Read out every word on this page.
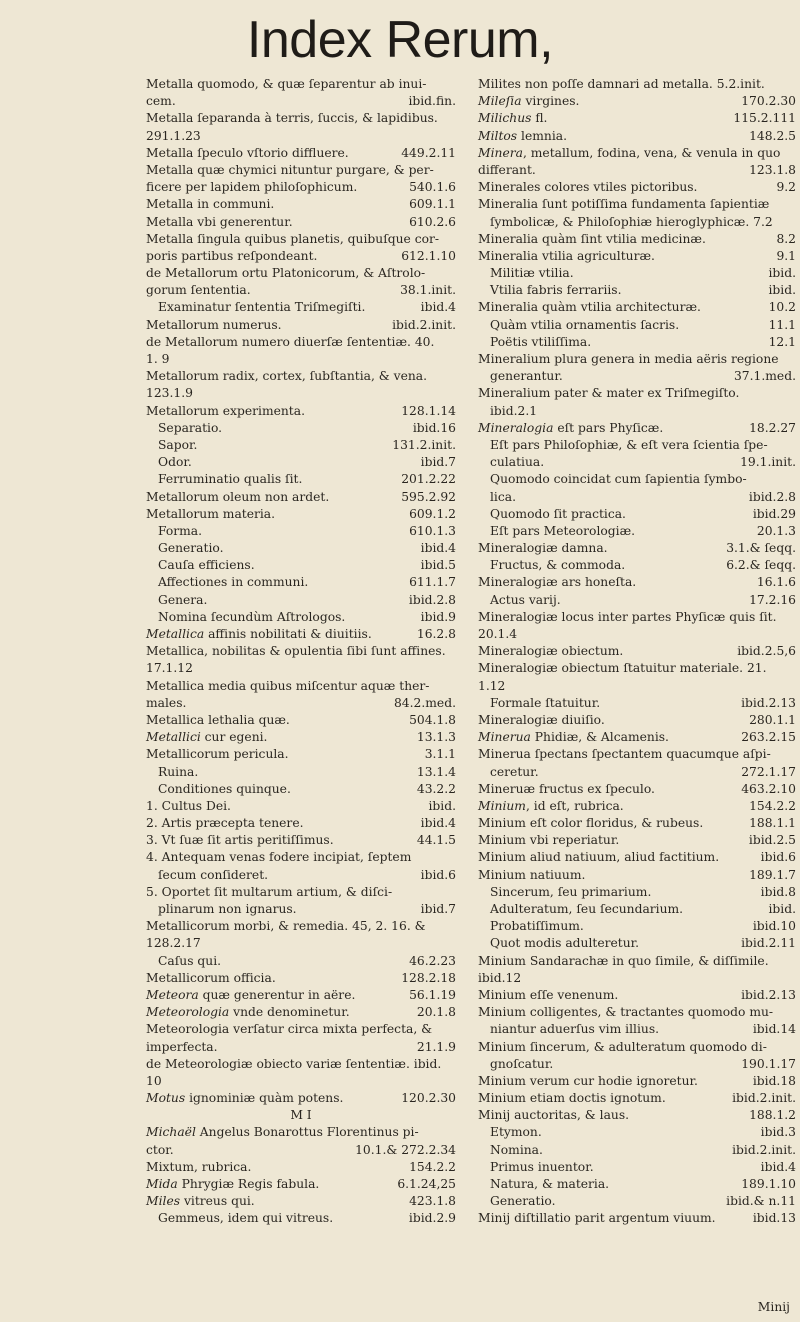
Index Rerum,
Metalla quomodo, & quæ ſeparentur ab inui-
cem.	ibid.fin.
Metalla ſeparanda à terris, ſuccis, & lapidibus.
291.1.23
Metalla ſpeculo vſtorio diffluere.	449.2.11
Metalla quæ chymici nituntur purgare, & per-
ficere per lapidem philoſophicum.	540.1.6
Metalla in communi.	609.1.1
Metalla vbi generentur.	610.2.6
Metalla ſingula quibus planetis, quibuſque cor-
poris partibus reſpondeant.	612.1.10
de Metallorum ortu Platonicorum, & Aſtrolo-
gorum ſententia.	38.1.init.
Examinatur ſententia Triſmegiſti.	ibid.4
Metallorum numerus.	ibid.2.init.
de Metallorum numero diuerſæ ſententiæ. 40.
1. 9
Metallorum radix, cortex, ſubſtantia, & vena.
123.1.9
Metallorum experimenta.	128.1.14
Separatio.	ibid.16
Sapor.	131.2.init.
Odor.	ibid.7
Ferruminatio qualis ſit.	201.2.22
Metallorum oleum non ardet.	595.2.92
Metallorum materia.	609.1.2
Forma.	610.1.3
Generatio.	ibid.4
Cauſa efficiens.	ibid.5
Affectiones in communi.	611.1.7
Genera.	ibid.2.8
Nomina ſecundùm Aſtrologos.	ibid.9
Metallica affinis nobilitati & diuitiis.	16.2.8
Metallica, nobilitas & opulentia ſibi ſunt affines.
17.1.12
Metallica media quibus miſcentur aquæ ther-
males.	84.2.med.
Metallica lethalia quæ.	504.1.8
Metallici cur egeni.	13.1.3
Metallicorum pericula.	3.1.1
Ruina.	13.1.4
Conditiones quinque.	43.2.2
1. Cultus Dei.	ibid.
2. Artis præcepta tenere.	ibid.4
3. Vt ſuæ ſit artis peritiſſimus.	44.1.5
4. Antequam venas fodere incipiat, ſeptem
ſecum conſideret.	ibid.6
5. Oportet ſit multarum artium, & diſci-
plinarum non ignarus.	ibid.7
Metallicorum morbi, & remedia. 45, 2. 16. &
128.2.17
Caſus qui.	46.2.23
Metallicorum officia.	128.2.18
Meteora quæ generentur in aëre.	56.1.19
Meteorologia vnde denominetur.	20.1.8
Meteorologia verſatur circa mixta perfecta, &
imperfecta.	21.1.9
de Meteorologiæ obiecto variæ ſententiæ. ibid.
10
Motus ignominiæ quàm potens.	120.2.30
M I
Michaël Angelus Bonarottus Florentinus pi-
ctor.	10.1.& 272.2.34
Mixtum, rubrica.	154.2.2
Mida Phrygiæ Regis fabula.	6.1.24,25
Miles vitreus qui.	423.1.8
Gemmeus, idem qui vitreus.	ibid.2.9
Milites non poſſe damnari ad metalla. 5.2.init.
Mileſia virgines.	170.2.30
Milichus fl.	115.2.111
Miltos lemnia.	148.2.5
Minera, metallum, fodina, vena, & venula in quo
differant.	123.1.8
Minerales colores vtiles pictoribus.	9.2
Mineralia ſunt potiſſima fundamenta ſapientiæ
ſymbolicæ, & Philoſophiæ hieroglyphicæ. 7.2
Mineralia quàm ſint vtilia medicinæ.	8.2
Mineralia vtilia agriculturæ.	9.1
Militiæ vtilia.	ibid.
Vtilia fabris ferrariis.	ibid.
Mineralia quàm vtilia architecturæ.	10.2
Quàm vtilia ornamentis ſacris.	11.1
Poëtis vtiliſſima.	12.1
Mineralium plura genera in media aëris regione
generantur.	37.1.med.
Mineralium pater & mater ex Triſmegiſto.
ibid.2.1
Mineralogia eſt pars Phyſicæ.	18.2.27
Eſt pars Philoſophiæ, & eſt vera ſcientia ſpe-
culatiua.	19.1.init.
Quomodo coincidat cum ſapientia ſymbo-
lica.	ibid.2.8
Quomodo ſit practica.	ibid.29
Eſt pars Meteorologiæ.	20.1.3
Mineralogiæ damna.	3.1.& ſeqq.
Fructus, & commoda.	6.2.& ſeqq.
Mineralogiæ ars honeſta.	16.1.6
Actus varij.	17.2.16
Mineralogiæ locus inter partes Phyſicæ quis ſit.
20.1.4
Mineralogiæ obiectum.	ibid.2.5,6
Mineralogiæ obiectum ſtatuitur materiale. 21.
1.12
Formale ſtatuitur.	ibid.2.13
Mineralogiæ diuiſio.	280.1.1
Minerua Phidiæ, & Alcamenis.	263.2.15
Minerua ſpectans ſpectantem quacumque aſpi-
ceretur.	272.1.17
Mineruæ fructus ex ſpeculo.	463.2.10
Minium, id eſt, rubrica.	154.2.2
Minium eſt color floridus, & rubeus.	188.1.1
Minium vbi reperiatur.	ibid.2.5
Minium aliud natiuum, aliud factitium.	ibid.6
Minium natiuum.	189.1.7
Sincerum, ſeu primarium.	ibid.8
Adulteratum, ſeu ſecundarium.	ibid.
Probatiſſimum.	ibid.10
Quot modis adulteretur.	ibid.2.11
Minium Sandarachæ in quo ſimile, & diſſimile.
ibid.12
Minium eſſe venenum.	ibid.2.13
Minium colligentes, & tractantes quomodo mu-
niantur aduerſus vim illius.	ibid.14
Minium ſincerum, & adulteratum quomodo di-
gnoſcatur.	190.1.17
Minium verum cur hodie ignoretur.	ibid.18
Minium etiam doctis ignotum.	ibid.2.init.
Minij auctoritas, & laus.	188.1.2
Etymon.	ibid.3
Nomina.	ibid.2.init.
Primus inuentor.	ibid.4
Natura, & materia.	189.1.10
Generatio.	ibid.& n.11
Minij diſtillatio parit argentum viuum.	ibid.13
Minij
